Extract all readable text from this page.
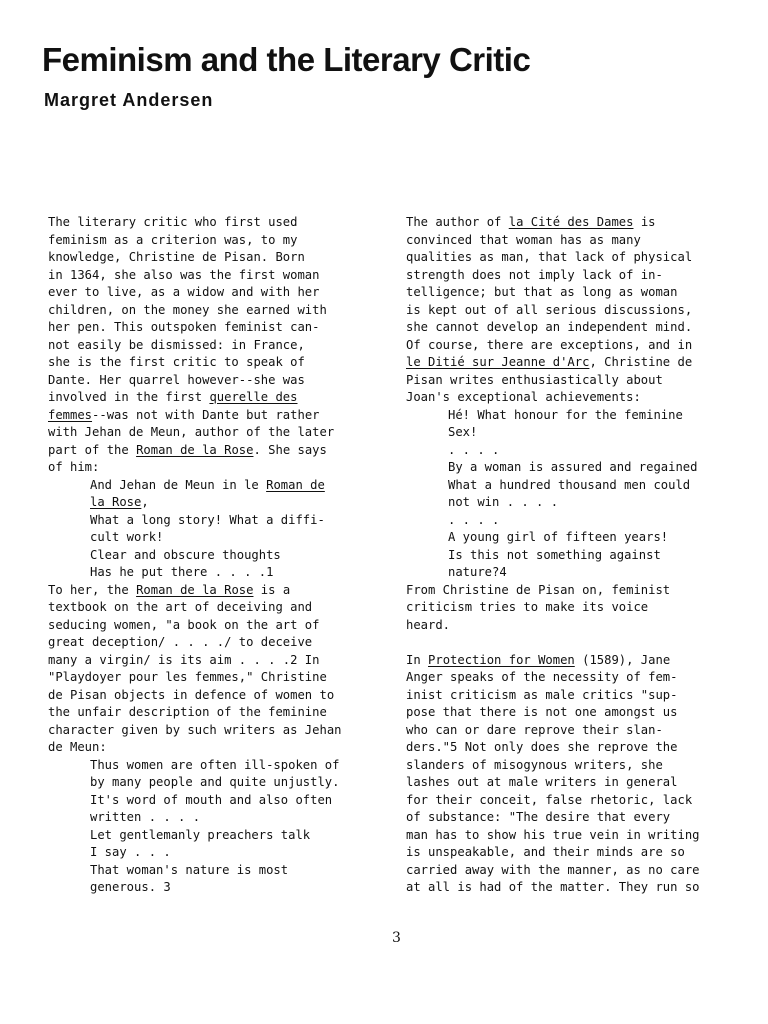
Feminism and the Literary Critic
Margret Andersen
The literary critic who first used
feminism as a criterion was, to my
knowledge, Christine de Pisan. Born
in 1364, she also was the first woman
ever to live, as a widow and with her
children, on the money she earned with
her pen. This outspoken feminist can-
not easily be dismissed: in France,
she is the first critic to speak of
Dante. Her quarrel however--she was
involved in the first querelle des
femmes--was not with Dante but rather
with Jehan de Meun, author of the later
part of the Roman de la Rose. She says
of him:
And Jehan de Meun in le Roman de
la Rose,
What a long story! What a diffi-
cult work!
Clear and obscure thoughts
Has he put there . . . .1
To her, the Roman de la Rose is a
textbook on the art of deceiving and
seducing women, "a book on the art of
great deception/ . . . ./ to deceive
many a virgin/ is its aim . . . .2 In
"Playdoyer pour les femmes," Christine
de Pisan objects in defence of women to
the unfair description of the feminine
character given by such writers as Jehan
de Meun:
Thus women are often ill-spoken of
by many people and quite unjustly.
It's word of mouth and also often
written . . . .
Let gentlemanly preachers talk
I say . . .
That woman's nature is most
generous. 3
The author of la Cité des Dames is
convinced that woman has as many
qualities as man, that lack of physical
strength does not imply lack of in-
telligence; but that as long as woman
is kept out of all serious discussions,
she cannot develop an independent mind.
Of course, there are exceptions, and in
le Ditié sur Jeanne d'Arc, Christine de
Pisan writes enthusiastically about
Joan's exceptional achievements:
Hé! What honour for the feminine
Sex!
. . . .
By a woman is assured and regained
What a hundred thousand men could
not win . . . .
. . . .
A young girl of fifteen years!
Is this not something against
nature?4
From Christine de Pisan on, feminist
criticism tries to make its voice
heard.
In Protection for Women (1589), Jane
Anger speaks of the necessity of fem-
inist criticism as male critics "sup-
pose that there is not one amongst us
who can or dare reprove their slan-
ders."5 Not only does she reprove the
slanders of misogynous writers, she
lashes out at male writers in general
for their conceit, false rhetoric, lack
of substance: "The desire that every
man has to show his true vein in writing
is unspeakable, and their minds are so
carried away with the manner, as no care
at all is had of the matter. They run so

3
